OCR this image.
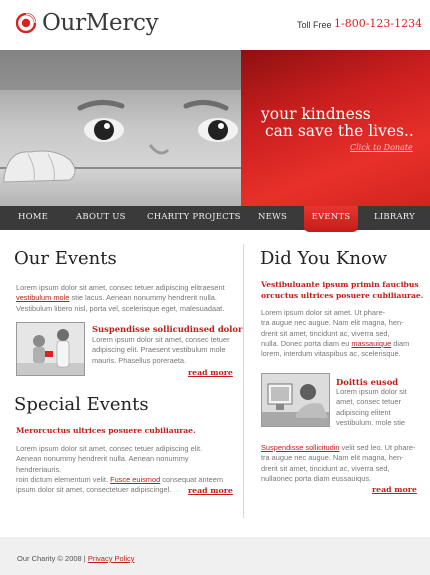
OurMercy	Toll Free 1-800-123-1234
your kindness
can save the lives..
Click to Donate
HOME	ABOUT US	CHARITY PROJECTS NEWS	EVENTS	LIBRARY
Our Events
Lorem ipsum dolor sit amet, consec tetuer adipiscing elitraesent
vestibulum mole stie lacus. Aenean nonummy hendrerit nulla.
Vestibulum libero nisl, porta vel, scelerisque eget, malesuadaat.
Suspendisse sollicudinsed dolor
Lorem ipsum dolor sit amet, consec tetuer
adipiscing elit. Praesent vestibulum mole
mauris. Phasellus poreraeta.
read more
Special Events
Merorcuctus ultrices posuere cubiliaurae.
Lorem ipsum dolor sit amet, consec tetuer adipiscing elit.
Aenean nonummy hendrerit nulla. Aenean nonummy hendreriauris.
roin dictum elementum velit. Fusce euismod consequat anteem
ipsum dolor sit amet, consectetuer adipiscingel.	read more
Did You Know
Vestibuluante ipsum primin faucibus
orcuctus ultrices posuere cubiliaurae.
Lorem ipsum dolor sit amet. Ut phare-
tra augue nec augue. Nam elit magna, hen-
drerit sit amet, tincidunt ac, viverra sed,
nulla. Donec porta diam eu massauique diam
lorem, interdum vitaspibus ac, scelerisque.
Doittis eusod
Lorem ipsum dolor sit
amet, consec tetuer
adipiscing elitent
vestibulum. mole stie
Suspendisse sollicitudin velit sed leo. Ut phare-
tra augue nec augue. Nam elit magna, hen-
drerit sit amet, tincidunt ac, viverra sed,
nullaonec porta diam eussauiqus.
read more
Our Charity © 2008 | Privacy Policy
